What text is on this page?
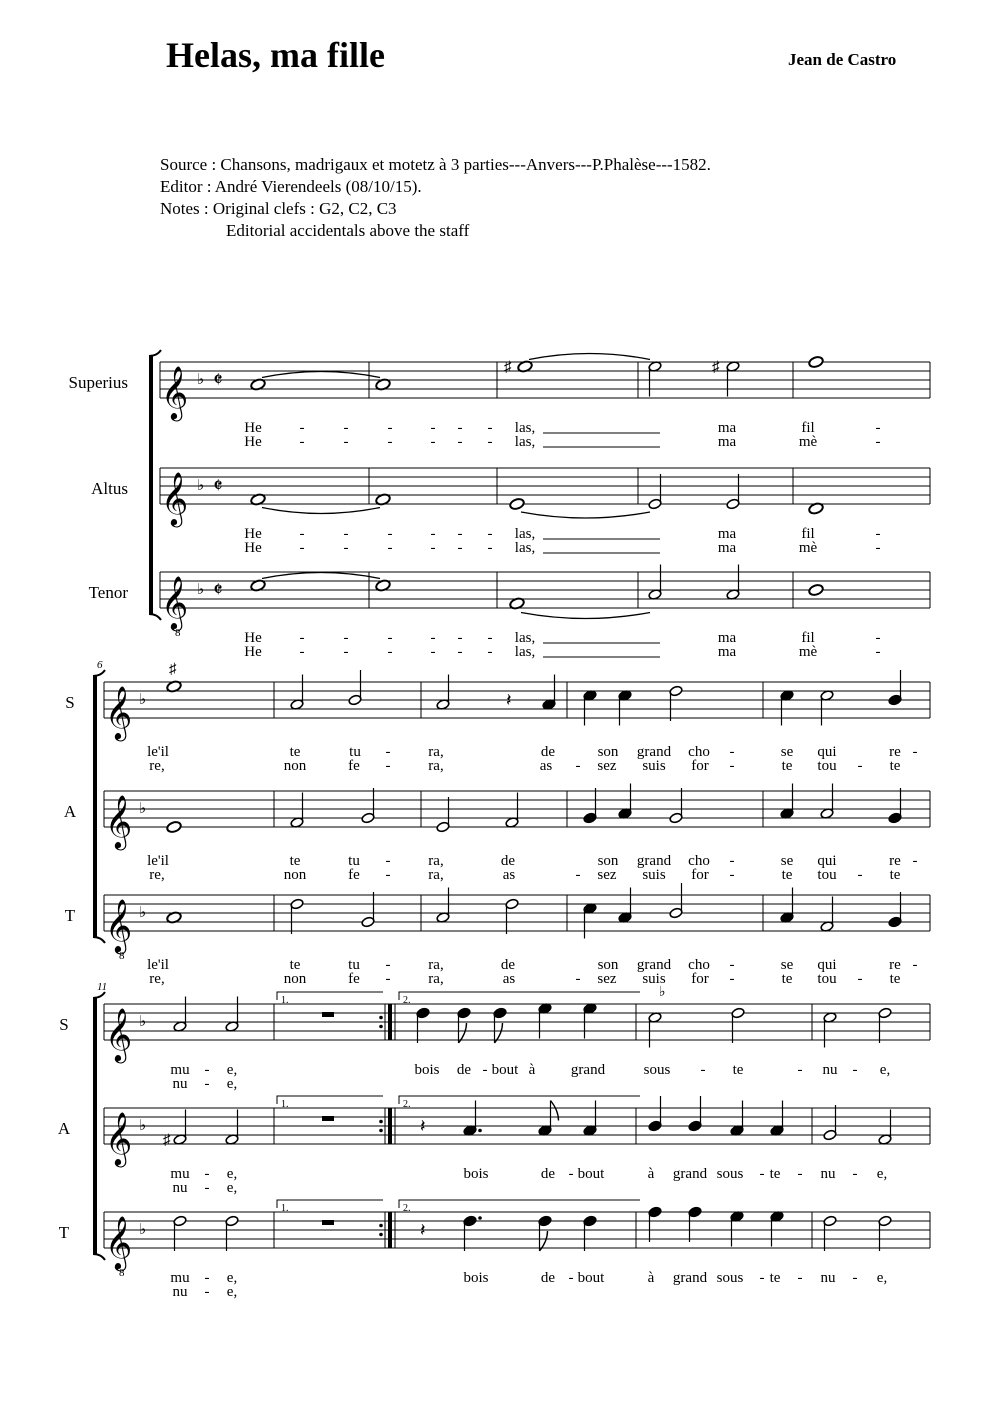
Helas, ma fille	Jean de Castro
Source : Chansons, madrigaux et motetz à 3 parties---Anvers---P.Phalèse---1582.
Editor : André Vierendeels (08/10/15).
Notes : Original clefs : G2, C2, C3
Editorial accidentals above the staff
𝄞 ♭ 𝄵
𝄞 ♭ 𝄵
𝄞
8
♭ 𝄵
Superius
Altus
Tenor
♯	♯
He	-	-	-	- - - las,	ma	fil	-
He	-	-	-	- - - las,	ma	mè	-
He	-	-	-	- - - las,	ma	fil	-
He	-	-	-	- - - las,	ma	mè	-
He	-	-	-	- - - las,	ma	fil	-
He	-	-	-	- - - las,	ma	mè	-
6
𝄞 ♭
S
𝄞 ♭
A
𝄞
8
♭
T
♯
𝄽
le'il	te	tu -	ra,	de	son grand cho -	se qui	re -
re,	non	fe -	ra,	as - sez suis for -	te tou - te
le'il	te	tu -	ra,	de	son grand cho -	se qui	re -
re,	non	fe -	ra,	as	- sez suis for -	te tou - te
le'il	te	tu -	ra,	de	son grand cho -	se qui	re -
re,	non	fe -	ra,	as	- sez suis for -	te tou - te
11
𝄞 ♭
S
1.	2.
𝄞 ♭
A
1.	2.
𝄞
8
♭
T
1.	2.
♭
♯
𝄽
𝄽
mu - e,	bois de - bout à grand	sous - te	- nu - e,
nu - e,
mu - e,	bois	de - bout	à grand sous - te - nu - e,
nu - e,
mu - e,	bois	de - bout	à grand sous - te - nu - e,
nu - e,
